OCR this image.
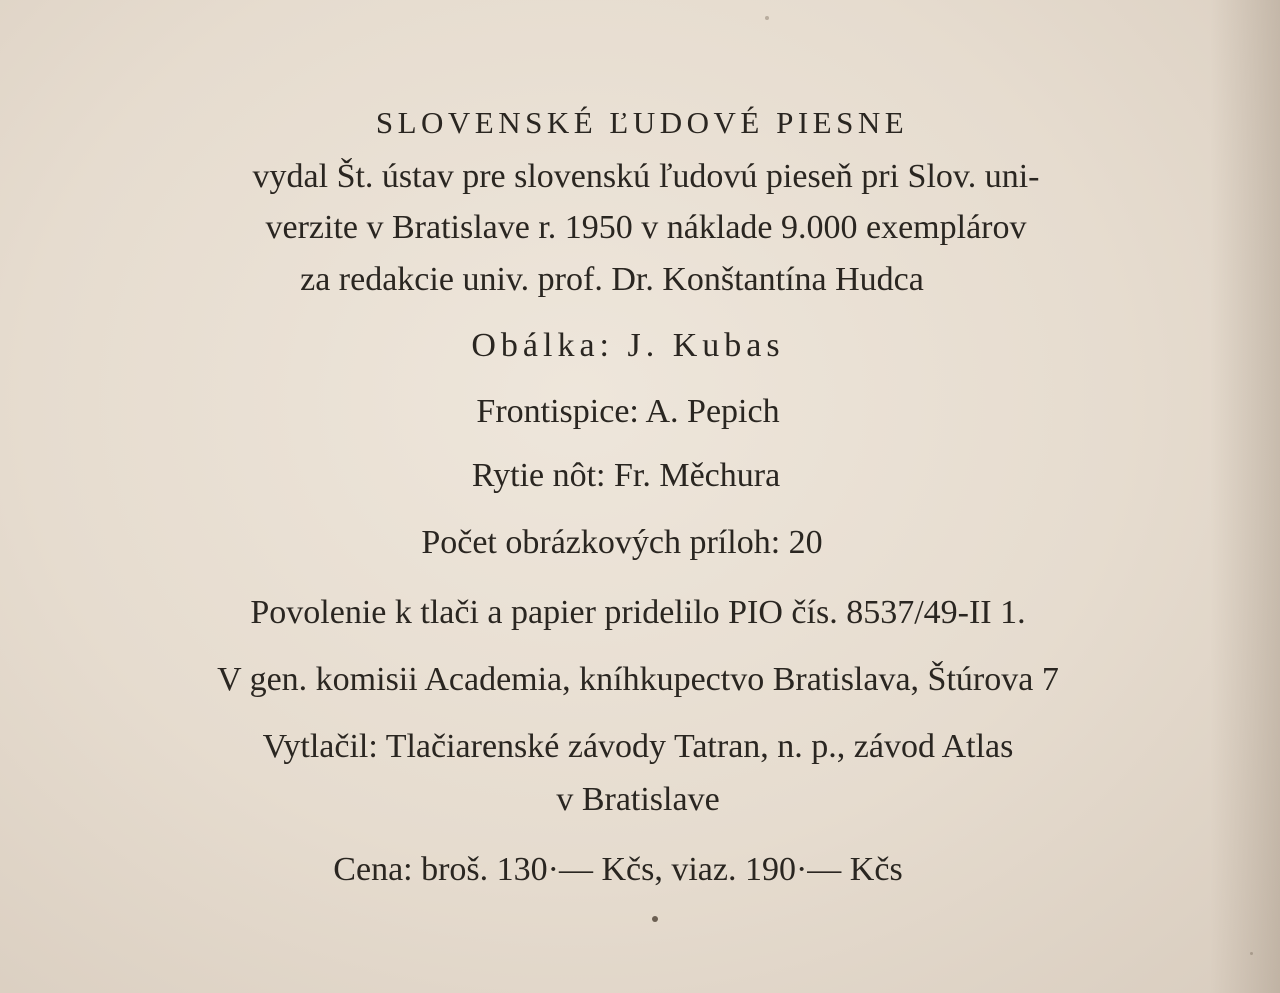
SLOVENSKÉ ĽUDOVÉ PIESNE
vydal Št. ústav pre slovenskú ľudovú pieseň pri Slov. uni-
verzite v Bratislave r. 1950 v náklade 9.000 exemplárov
za redakcie univ. prof. Dr. Konštantína Hudca
Obálka: J. Kubas
Frontispice: A. Pepich
Rytie nôt: Fr. Měchura
Počet obrázkových príloh: 20
Povolenie k tlači a papier pridelilo PIO čís. 8537/49-II 1.
V gen. komisii Academia, kníhkupectvo Bratislava, Štúrova 7
Vytlačil: Tlačiarenské závody Tatran, n. p., závod Atlas
v Bratislave
Cena: broš. 130·— Kčs, viaz. 190·— Kčs
